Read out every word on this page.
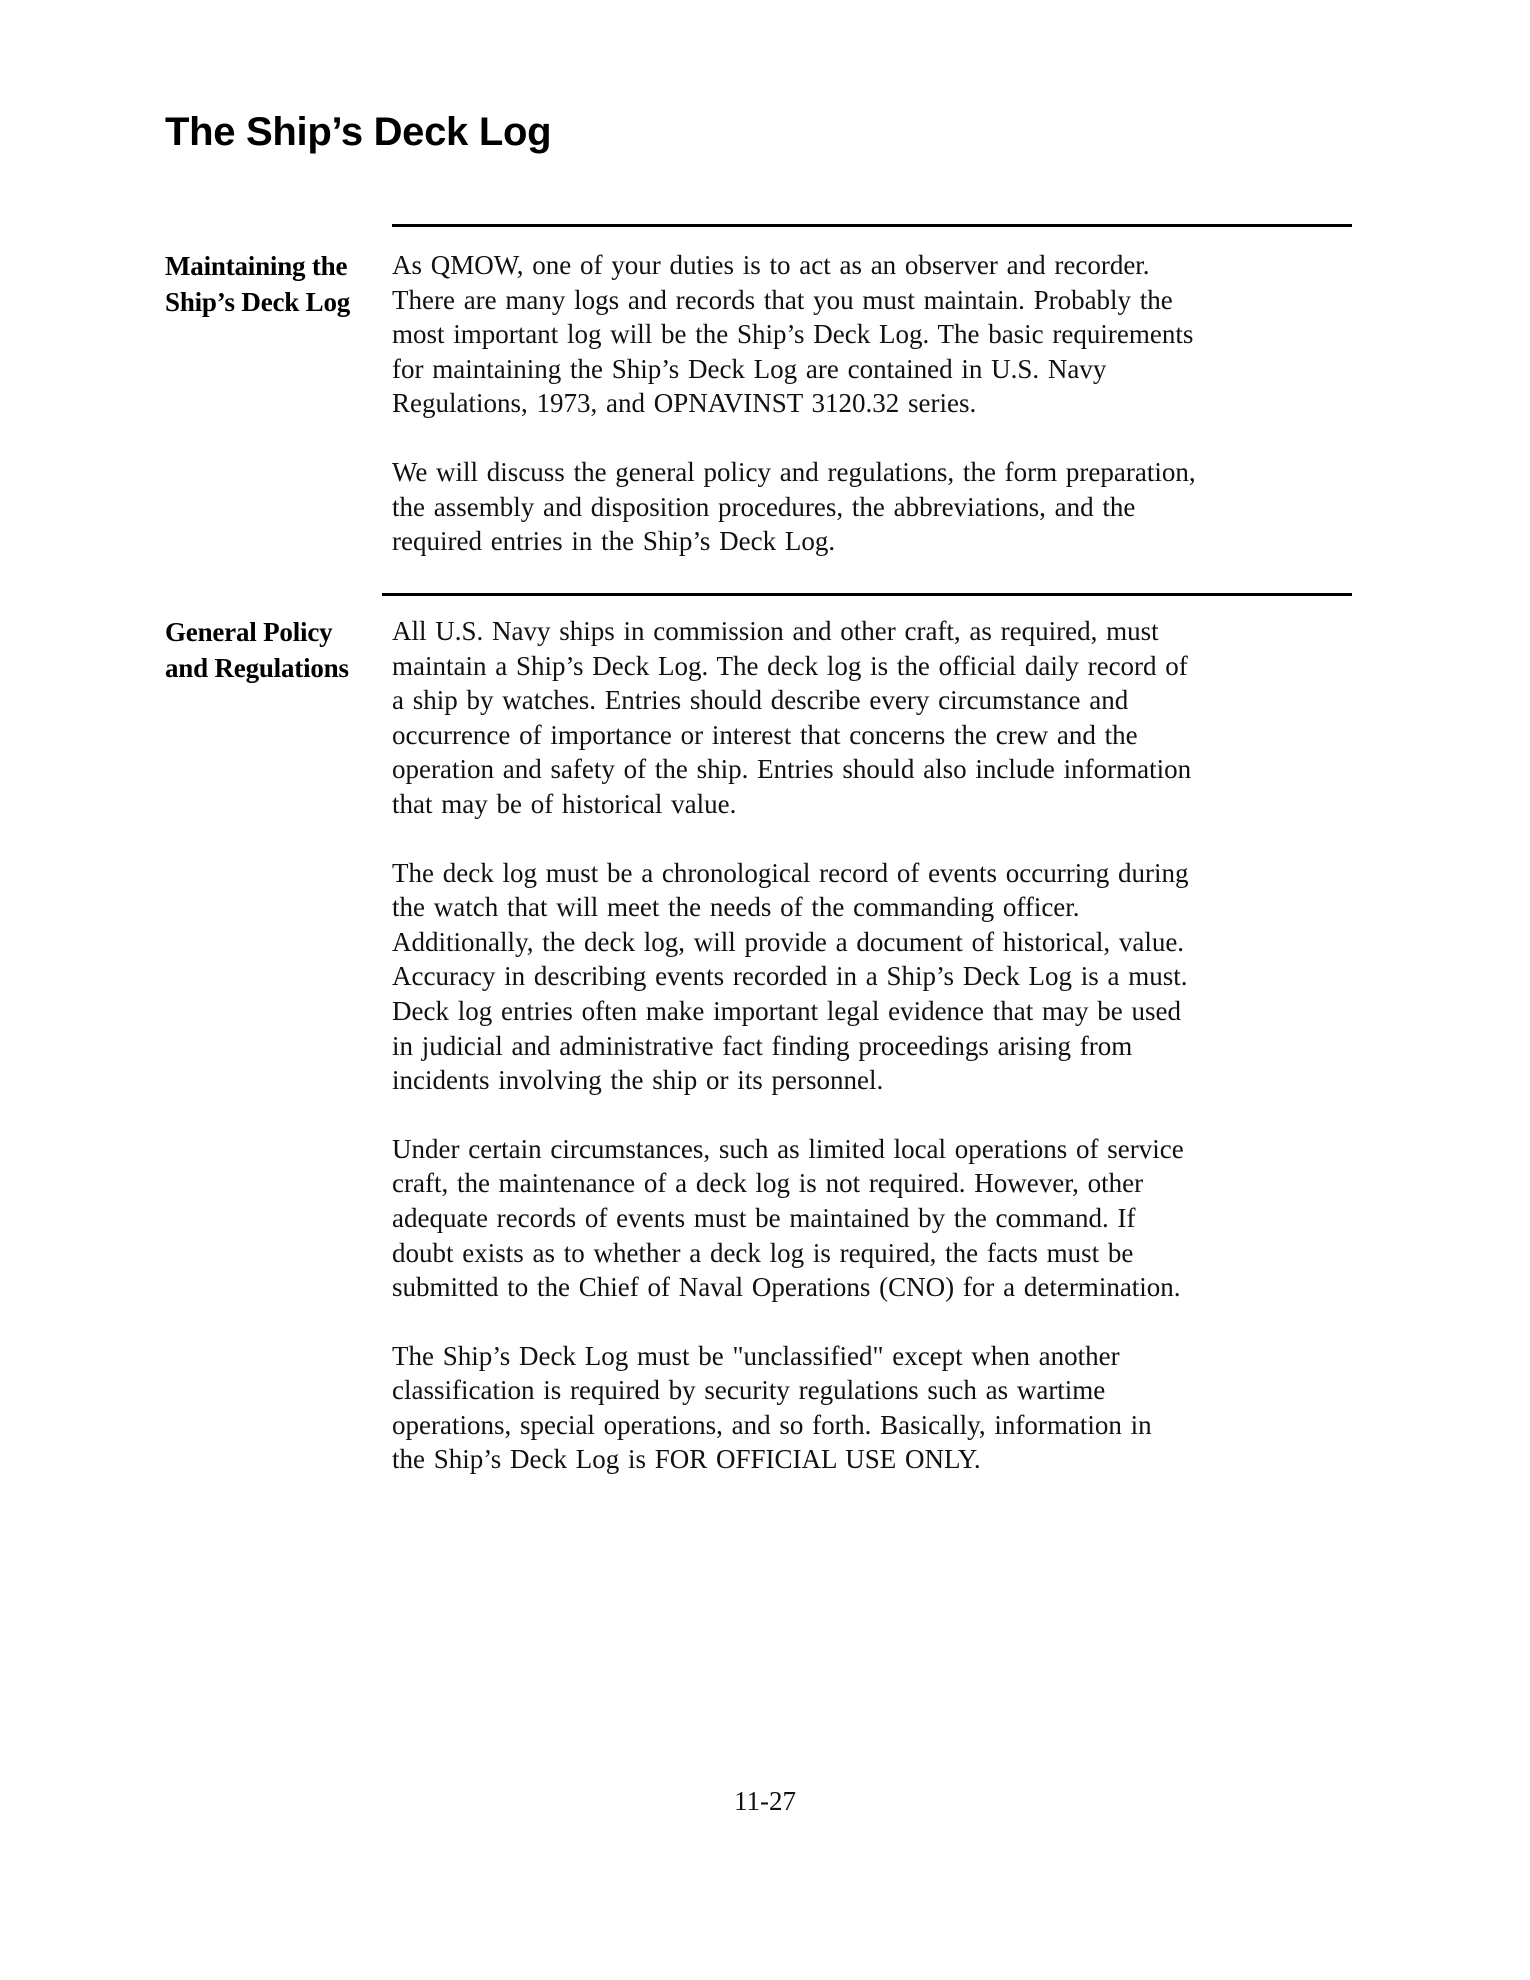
The Ship’s Deck Log
Maintaining the
Ship’s Deck Log

As QMOW, one of your duties is to act as an observer and recorder.
There are many logs and records that you must maintain. Probably the
most important log will be the Ship’s Deck Log. The basic requirements
for maintaining the Ship’s Deck Log are contained in U.S. Navy
Regulations, 1973, and OPNAVINST 3120.32 series.

We will discuss the general policy and regulations, the form preparation,
the assembly and disposition procedures, the abbreviations, and the
required entries in the Ship’s Deck Log.

General Policy
and Regulations

All U.S. Navy ships in commission and other craft, as required, must
maintain a Ship’s Deck Log. The deck log is the official daily record of
a ship by watches. Entries should describe every circumstance and
occurrence of importance or interest that concerns the crew and the
operation and safety of the ship. Entries should also include information
that may be of historical value.

The deck log must be a chronological record of events occurring during
the watch that will meet the needs of the commanding officer.
Additionally, the deck log, will provide a document of historical, value.
Accuracy in describing events recorded in a Ship’s Deck Log is a must.
Deck log entries often make important legal evidence that may be used
in judicial and administrative fact finding proceedings arising from
incidents involving the ship or its personnel.

Under certain circumstances, such as limited local operations of service
craft, the maintenance of a deck log is not required. However, other
adequate records of events must be maintained by the command. If
doubt exists as to whether a deck log is required, the facts must be
submitted to the Chief of Naval Operations (CNO) for a determination.

The Ship’s Deck Log must be "unclassified" except when another
classification is required by security regulations such as wartime
operations, special operations, and so forth. Basically, information in
the Ship’s Deck Log is FOR OFFICIAL USE ONLY.

11-27
